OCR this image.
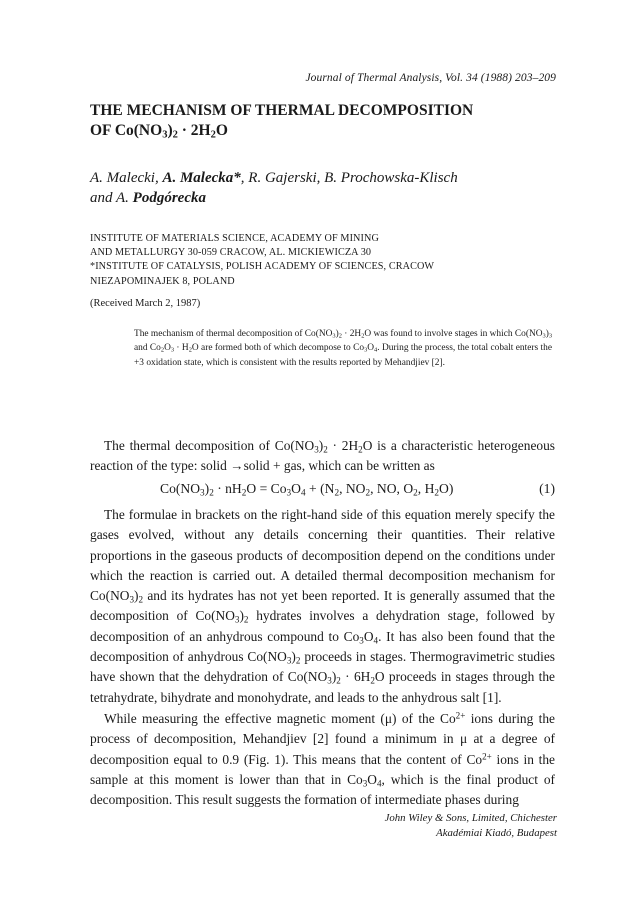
Journal of Thermal Analysis, Vol. 34 (1988) 203–209
THE MECHANISM OF THERMAL DECOMPOSITION
OF $Co(NO_3)_2 \cdot 2H_2O$
A. Malecki, A. Malecka*, R. Gajerski, B. Prochowska-Klisch
and A. Podgórecka
INSTITUTE OF MATERIALS SCIENCE, ACADEMY OF MINING
AND METALLURGY 30-059 CRACOW, AL. MICKIEWICZA 30
*INSTITUTE OF CATALYSIS, POLISH ACADEMY OF SCIENCES, CRACOW
NIEZAPOMINAJEK 8, POLAND
(Received March 2, 1987)
The mechanism of thermal decomposition of $Co(NO_3)_2 \cdot 2H_2O$ was found to involve stages in which $Co(NO_3)_3$ and $Co_2O_3 \cdot H_2O$ are formed both of which decompose to $Co_3O_4$. During the process, the total cobalt enters the +3 oxidation state, which is consistent with the results reported by Mehandjiev [2].

The thermal decomposition of $Co(NO_3)_2 \cdot 2H_2O$ is a characteristic heterogeneous reaction of the type: solid →solid + gas, which can be written as

$Co(NO_3)_2 \cdot nH_2O = Co_3O_4 + (N_2$, $NO_2$, NO, $O_2$, $H_2O$)	(1)

The formulae in brackets on the right-hand side of this equation merely specify the gases evolved, without any details concerning their quantities. Their relative proportions in the gaseous products of decomposition depend on the conditions under which the reaction is carried out. A detailed thermal decomposition mechanism for $Co(NO_3)_2$ and its hydrates has not yet been reported. It is generally assumed that the decomposition of $Co(NO_3)_2$ hydrates involves a dehydration stage, followed by decomposition of an anhydrous compound to $Co_3O_4$. It has also been found that the decomposition of anhydrous $Co(NO_3)_2$ proceeds in stages. Thermogravimetric studies have shown that the dehydration of $Co(NO_3)_2 \cdot 6H_2O$ proceeds in stages through the tetrahydrate, bihydrate and monohydrate, and leads to the anhydrous salt [1].

While measuring the effective magnetic moment (μ) of the $Co^{2+}$ ions during the process of decomposition, Mehandjiev [2] found a minimum in μ at a degree of decomposition equal to 0.9 (Fig. 1). This means that the content of $Co^{2+}$ ions in the sample at this moment is lower than that in $Co_3O_4$, which is the final product of decomposition. This result suggests the formation of intermediate phases during

John Wiley & Sons, Limited, Chichester
Akadémiai Kiadó, Budapest
